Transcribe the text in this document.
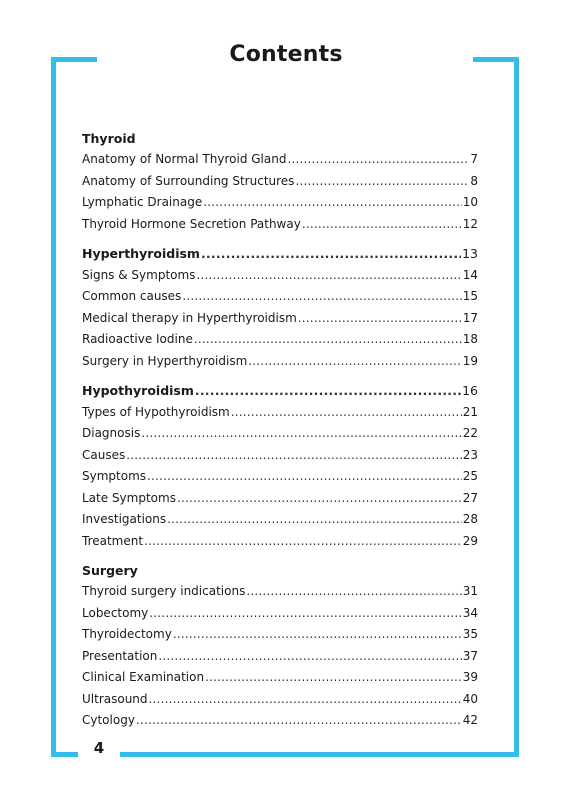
Contents
Thyroid
Anatomy of Normal Thyroid Gland .....	7
Anatomy of Surrounding Structures .....	8
Lymphatic Drainage .....	10
Thyroid Hormone Secretion Pathway .....	12
Hyperthyroidism .....	13
Signs & Symptoms .....	14
Common causes .....	15
Medical therapy in Hyperthyroidism .....	17
Radioactive Iodine .....	18
Surgery in Hyperthyroidism .....	19
Hypothyroidism .....	16
Types of Hypothyroidism .....	21
Diagnosis .....	22
Causes .....	23
Symptoms .....	25
Late Symptoms .....	27
Investigations .....	28
Treatment .....	29
Surgery
Thyroid surgery indications .....	31
Lobectomy .....	34
Thyroidectomy .....	35
Presentation .....	37
Clinical Examination .....	39
Ultrasound .....	40
Cytology .....	42
4
